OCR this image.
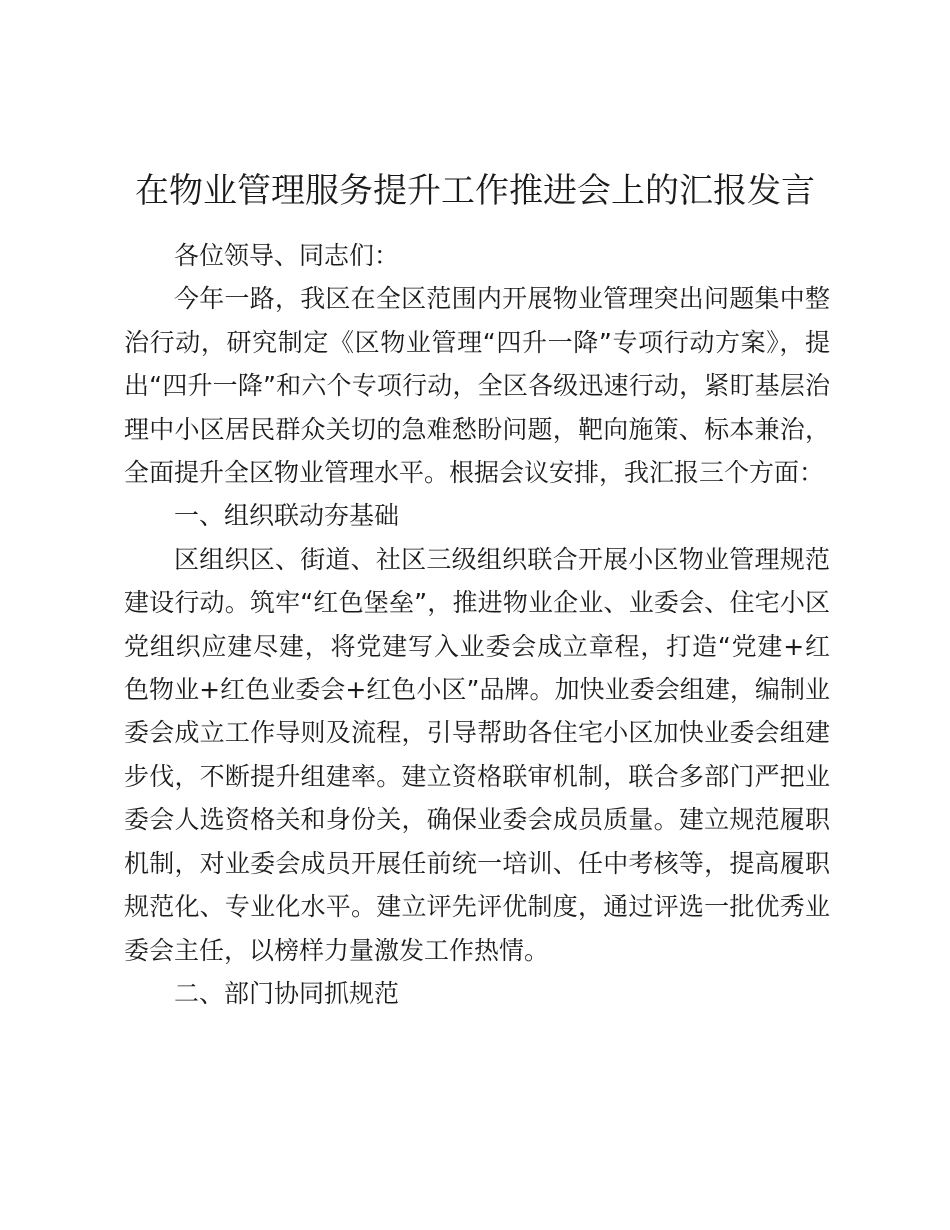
在物业管理服务提升工作推进会上的汇报发言

各位领导、同志们：

今年一路，我区在全区范围内开展物业管理突出问题集中整治行动，研究制定《区物业管理“四升一降”专项行动方案》，提出“四升一降”和六个专项行动，全区各级迅速行动，紧盯基层治理中小区居民群众关切的急难愁盼问题，靶向施策、标本兼治，全面提升全区物业管理水平。根据会议安排，我汇报三个方面：

一、组织联动夯基础

区组织区、街道、社区三级组织联合开展小区物业管理规范建设行动。筑牢“红色堡垒”，推进物业企业、业委会、住宅小区党组织应建尽建，将党建写入业委会成立章程，打造“党建+红色物业+红色业委会+红色小区”品牌。加快业委会组建，编制业委会成立工作导则及流程，引导帮助各住宅小区加快业委会组建步伐，不断提升组建率。建立资格联审机制，联合多部门严把业委会人选资格关和身份关，确保业委会成员质量。建立规范履职机制，对业委会成员开展任前统一培训、任中考核等，提高履职规范化、专业化水平。建立评先评优制度，通过评选一批优秀业委会主任，以榜样力量激发工作热情。

二、部门协同抓规范
